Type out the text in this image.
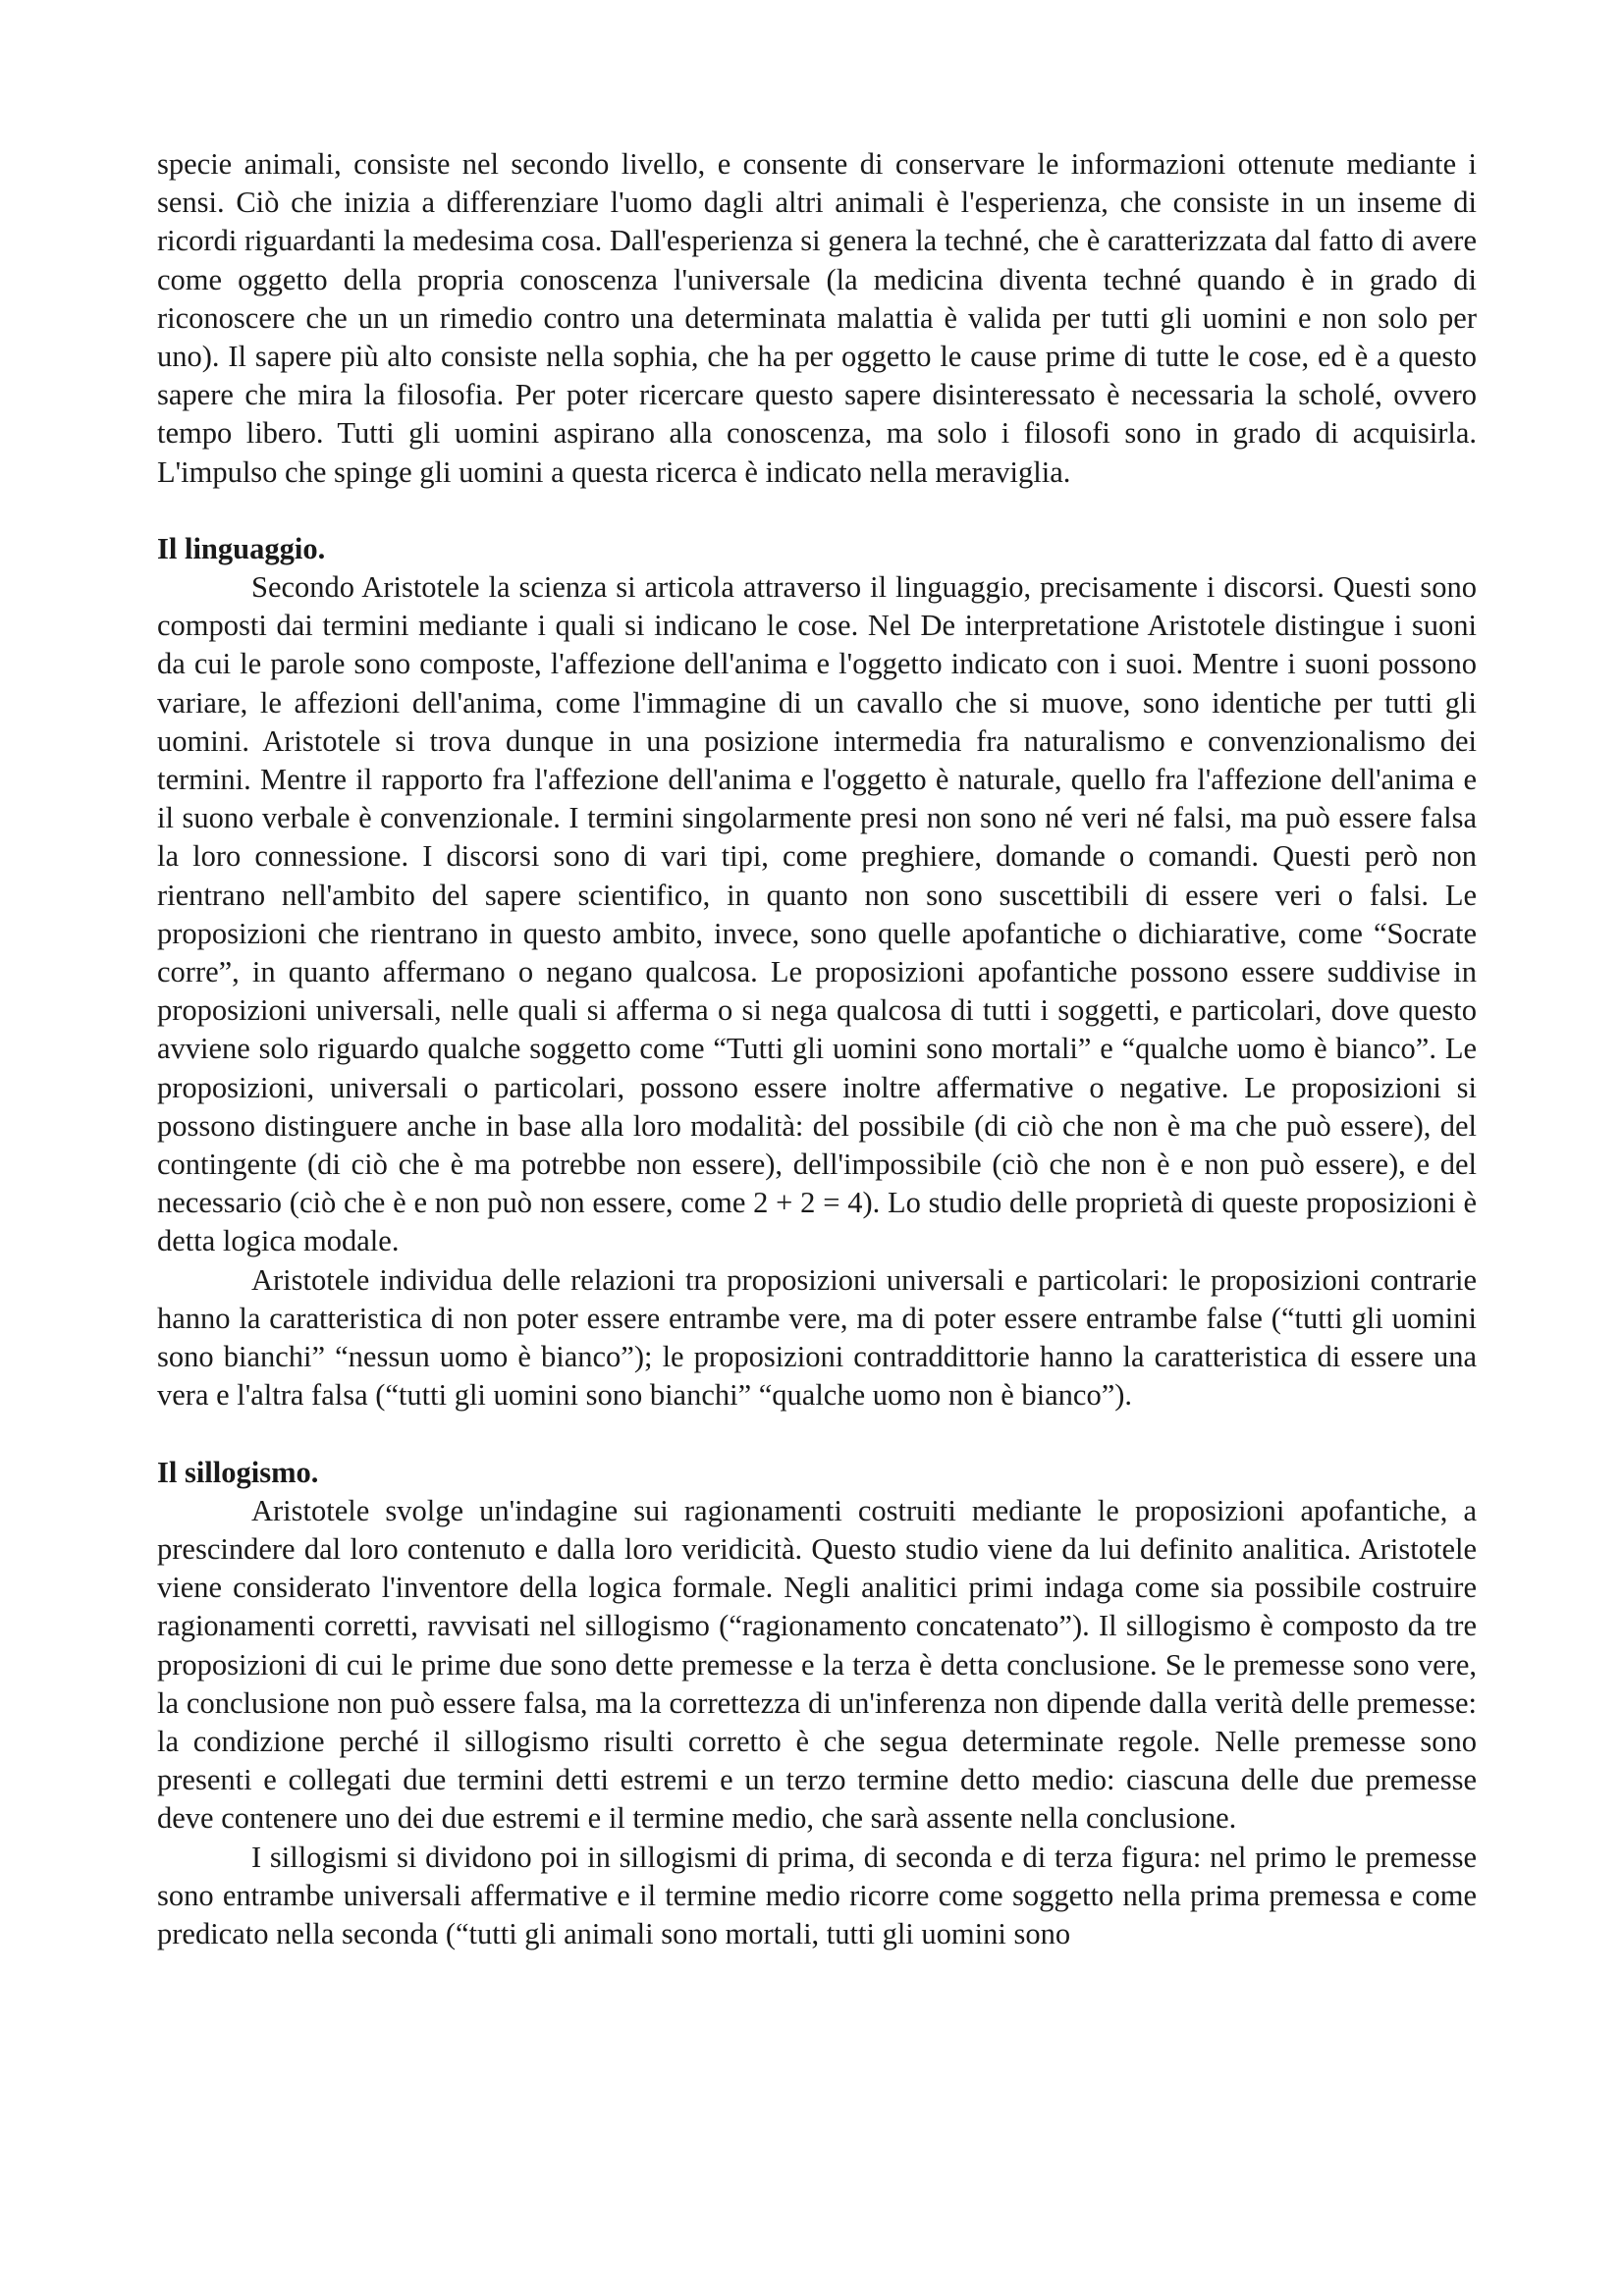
specie animali, consiste nel secondo livello, e consente di conservare le informazioni ottenute mediante i sensi. Ciò che inizia a differenziare l'uomo dagli altri animali è l'esperienza, che consiste in un inseme di ricordi riguardanti la medesima cosa. Dall'esperienza si genera la techné, che è caratterizzata dal fatto di avere come oggetto della propria conoscenza l'universale (la medicina diventa techné quando è in grado di riconoscere che un un rimedio contro una determinata malattia è valida per tutti gli uomini e non solo per uno). Il sapere più alto consiste nella sophia, che ha per oggetto le cause prime di tutte le cose, ed è a questo sapere che mira la filosofia. Per poter ricercare questo sapere disinteressato è necessaria la scholé, ovvero tempo libero. Tutti gli uomini aspirano alla conoscenza, ma solo i filosofi sono in grado di acquisirla. L'impulso che spinge gli uomini a questa ricerca è indicato nella meraviglia.

Il linguaggio.

Secondo Aristotele la scienza si articola attraverso il linguaggio, precisamente i discorsi. Questi sono composti dai termini mediante i quali si indicano le cose. Nel De interpretatione Aristotele distingue i suoni da cui le parole sono composte, l'affezione dell'anima e l'oggetto indicato con i suoi. Mentre i suoni possono variare, le affezioni dell'anima, come l'immagine di un cavallo che si muove, sono identiche per tutti gli uomini. Aristotele si trova dunque in una posizione intermedia fra naturalismo e convenzionalismo dei termini. Mentre il rapporto fra l'affezione dell'anima e l'oggetto è naturale, quello fra l'affezione dell'anima e il suono verbale è convenzionale. I termini singolarmente presi non sono né veri né falsi, ma può essere falsa la loro connessione. I discorsi sono di vari tipi, come preghiere, domande o comandi. Questi però non rientrano nell'ambito del sapere scientifico, in quanto non sono suscettibili di essere veri o falsi. Le proposizioni che rientrano in questo ambito, invece, sono quelle apofantiche o dichiarative, come “Socrate corre”, in quanto affermano o negano qualcosa. Le proposizioni apofantiche possono essere suddivise in proposizioni universali, nelle quali si afferma o si nega qualcosa di tutti i soggetti, e particolari, dove questo avviene solo riguardo qualche soggetto come “Tutti gli uomini sono mortali” e “qualche uomo è bianco”. Le proposizioni, universali o particolari, possono essere inoltre affermative o negative. Le proposizioni si possono distinguere anche in base alla loro modalità: del possibile (di ciò che non è ma che può essere), del contingente (di ciò che è ma potrebbe non essere), dell'impossibile (ciò che non è e non può essere), e del necessario (ciò che è e non può non essere, come 2 + 2 = 4). Lo studio delle proprietà di queste proposizioni è detta logica modale.

Aristotele individua delle relazioni tra proposizioni universali e particolari: le proposizioni contrarie hanno la caratteristica di non poter essere entrambe vere, ma di poter essere entrambe false (“tutti gli uomini sono bianchi” “nessun uomo è bianco”); le proposizioni contraddittorie hanno la caratteristica di essere una vera e l'altra falsa (“tutti gli uomini sono bianchi” “qualche uomo non è bianco”).

Il sillogismo.

Aristotele svolge un'indagine sui ragionamenti costruiti mediante le proposizioni apofantiche, a prescindere dal loro contenuto e dalla loro veridicità. Questo studio viene da lui definito analitica. Aristotele viene considerato l'inventore della logica formale. Negli analitici primi indaga come sia possibile costruire ragionamenti corretti, ravvisati nel sillogismo (“ragionamento concatenato”). Il sillogismo è composto da tre proposizioni di cui le prime due sono dette premesse e la terza è detta conclusione. Se le premesse sono vere, la conclusione non può essere falsa, ma la correttezza di un'inferenza non dipende dalla verità delle premesse: la condizione perché il sillogismo risulti corretto è che segua determinate regole. Nelle premesse sono presenti e collegati due termini detti estremi e un terzo termine detto medio: ciascuna delle due premesse deve contenere uno dei due estremi e il termine medio, che sarà assente nella conclusione.

I sillogismi si dividono poi in sillogismi di prima, di seconda e di terza figura: nel primo le premesse sono entrambe universali affermative e il termine medio ricorre come soggetto nella prima premessa e come predicato nella seconda (“tutti gli animali sono mortali, tutti gli uomini sono
